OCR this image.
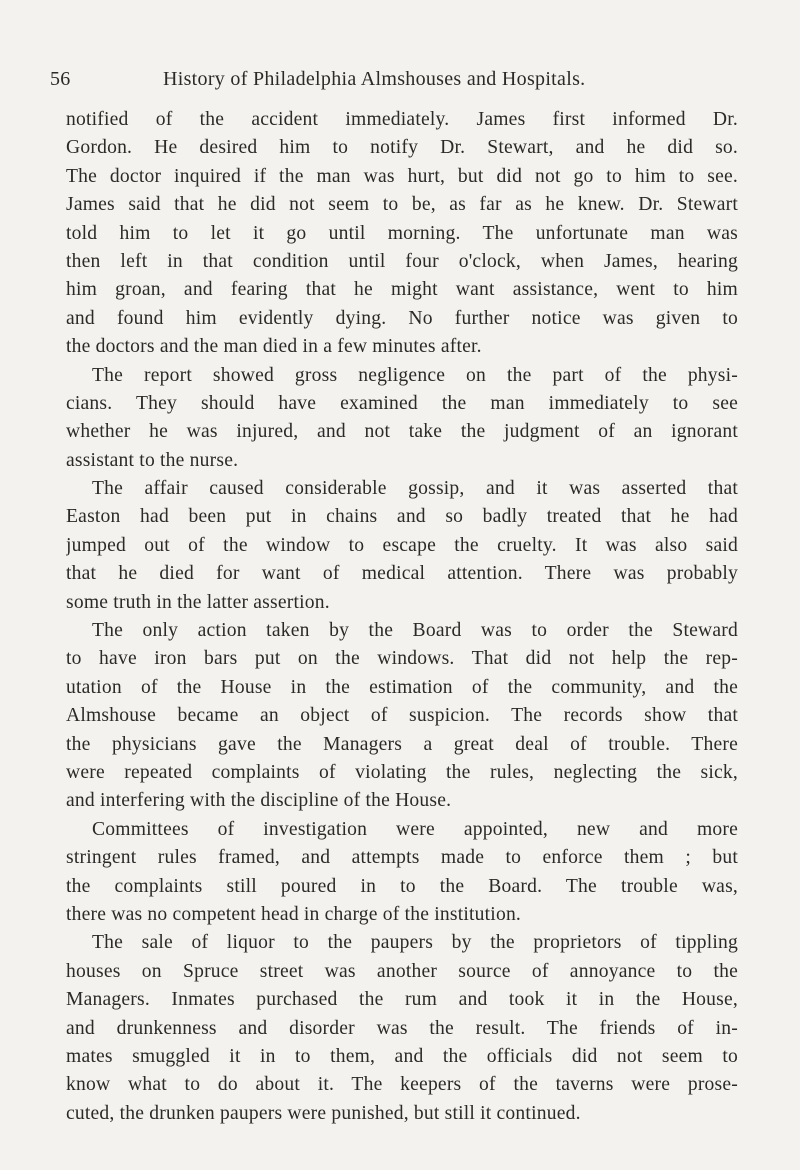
56	History of Philadelphia Almshouses and Hospitals.
notified of the accident immediately. James first informed Dr.
Gordon. He desired him to notify Dr. Stewart, and he did so.
The doctor inquired if the man was hurt, but did not go to him to see.
James said that he did not seem to be, as far as he knew. Dr. Stewart
told him to let it go until morning. The unfortunate man was
then left in that condition until four o'clock, when James, hearing
him groan, and fearing that he might want assistance, went to him
and found him evidently dying. No further notice was given to
the doctors and the man died in a few minutes after.
The report showed gross negligence on the part of the physi-
cians. They should have examined the man immediately to see
whether he was injured, and not take the judgment of an ignorant
assistant to the nurse.
The affair caused considerable gossip, and it was asserted that
Easton had been put in chains and so badly treated that he had
jumped out of the window to escape the cruelty. It was also said
that he died for want of medical attention. There was probably
some truth in the latter assertion.
The only action taken by the Board was to order the Steward
to have iron bars put on the windows. That did not help the rep-
utation of the House in the estimation of the community, and the
Almshouse became an object of suspicion. The records show that
the physicians gave the Managers a great deal of trouble. There
were repeated complaints of violating the rules, neglecting the sick,
and interfering with the discipline of the House.
Committees of investigation were appointed, new and more
stringent rules framed, and attempts made to enforce them ; but
the complaints still poured in to the Board. The trouble was,
there was no competent head in charge of the institution.
The sale of liquor to the paupers by the proprietors of tippling
houses on Spruce street was another source of annoyance to the
Managers. Inmates purchased the rum and took it in the House,
and drunkenness and disorder was the result. The friends of in-
mates smuggled it in to them, and the officials did not seem to
know what to do about it. The keepers of the taverns were prose-
cuted, the drunken paupers were punished, but still it continued.
